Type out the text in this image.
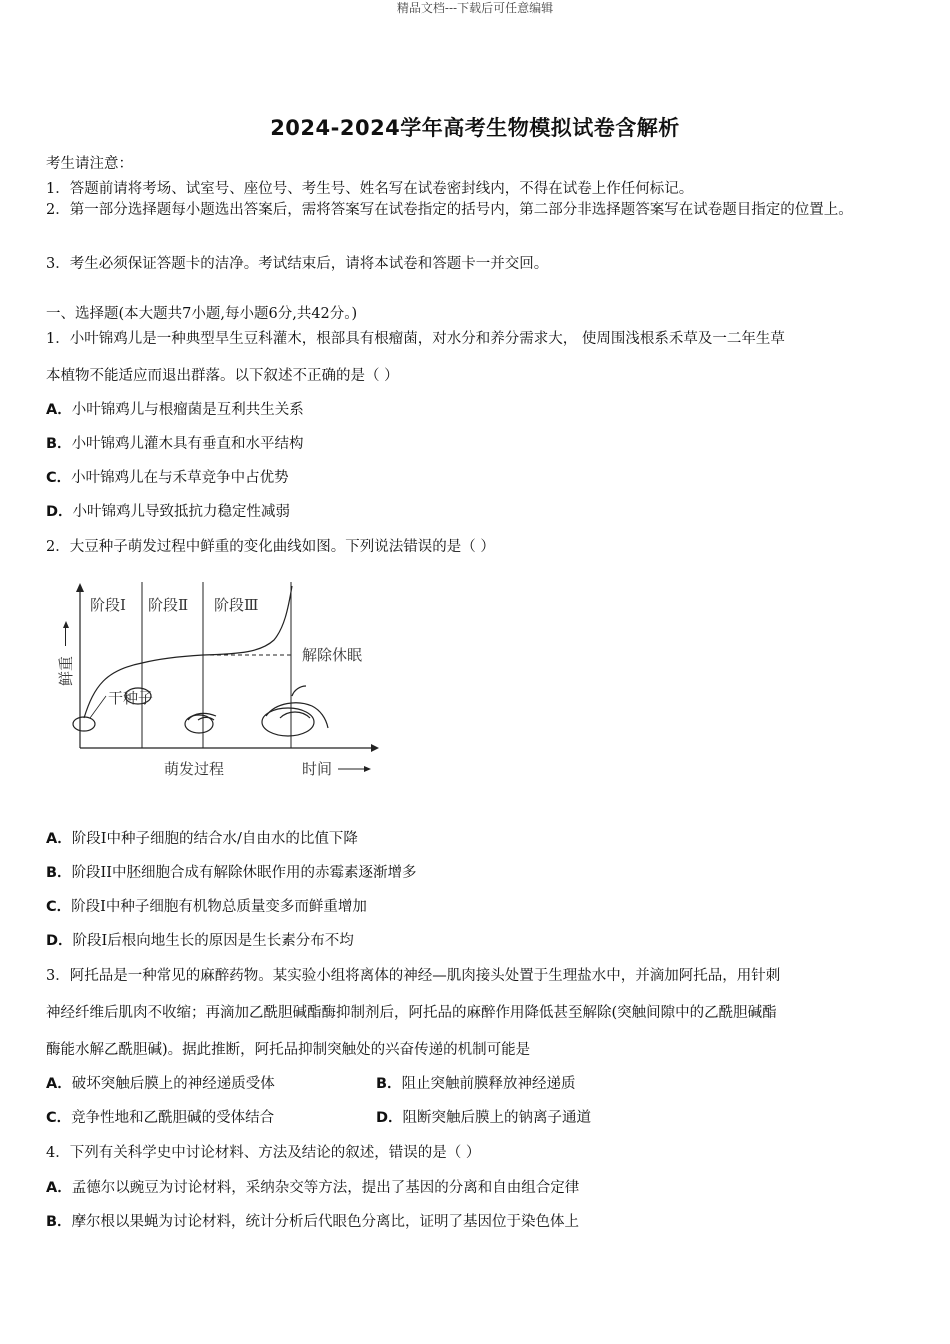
精品文档---下载后可任意编辑
2024-2024学年高考生物模拟试卷含解析
考生请注意：
1．答题前请将考场、试室号、座位号、考生号、姓名写在试卷密封线内，不得在试卷上作任何标记。
2．第一部分选择题每小题选出答案后，需将答案写在试卷指定的括号内，第二部分非选择题答案写在试卷题目指定的位置上。
3．考生必须保证答题卡的洁净。考试结束后，请将本试卷和答题卡一并交回。
一、选择题(本大题共7小题,每小题6分,共42分。)
1．小叶锦鸡儿是一种典型旱生豆科灌木，根部具有根瘤菌，对水分和养分需求大， 使周围浅根系禾草及一二年生草
本植物不能适应而退出群落。以下叙述不正确的是（ ）
A．小叶锦鸡儿与根瘤菌是互利共生关系
B．小叶锦鸡儿灌木具有垂直和水平结构
C．小叶锦鸡儿在与禾草竞争中占优势
D．小叶锦鸡儿导致抵抗力稳定性减弱
2．大豆种子萌发过程中鲜重的变化曲线如图。下列说法错误的是（ ）
阶段Ⅰ 阶段Ⅱ 阶段Ⅲ
解除休眠
干种子
萌发过程	时间
鲜重
A．阶段I中种子细胞的结合水/自由水的比值下降
B．阶段II中胚细胞合成有解除休眠作用的赤霉素逐渐增多
C．阶段I中种子细胞有机物总质量变多而鲜重增加
D．阶段I后根向地生长的原因是生长素分布不均
3．阿托品是一种常见的麻醉药物。某实验小组将离体的神经—肌肉接头处置于生理盐水中，并滴加阿托品，用针刺
神经纤维后肌肉不收缩；再滴加乙酰胆碱酯酶抑制剂后，阿托品的麻醉作用降低甚至解除(突触间隙中的乙酰胆碱酯
酶能水解乙酰胆碱)。据此推断，阿托品抑制突触处的兴奋传递的机制可能是
A．破坏突触后膜上的神经递质受体	B．阻止突触前膜释放神经递质
C．竞争性地和乙酰胆碱的受体结合	D．阻断突触后膜上的钠离子通道
4．下列有关科学史中讨论材料、方法及结论的叙述，错误的是（ ）
A．孟德尔以豌豆为讨论材料，采纳杂交等方法，提出了基因的分离和自由组合定律
B．摩尔根以果蝇为讨论材料，统计分析后代眼色分离比，证明了基因位于染色体上
